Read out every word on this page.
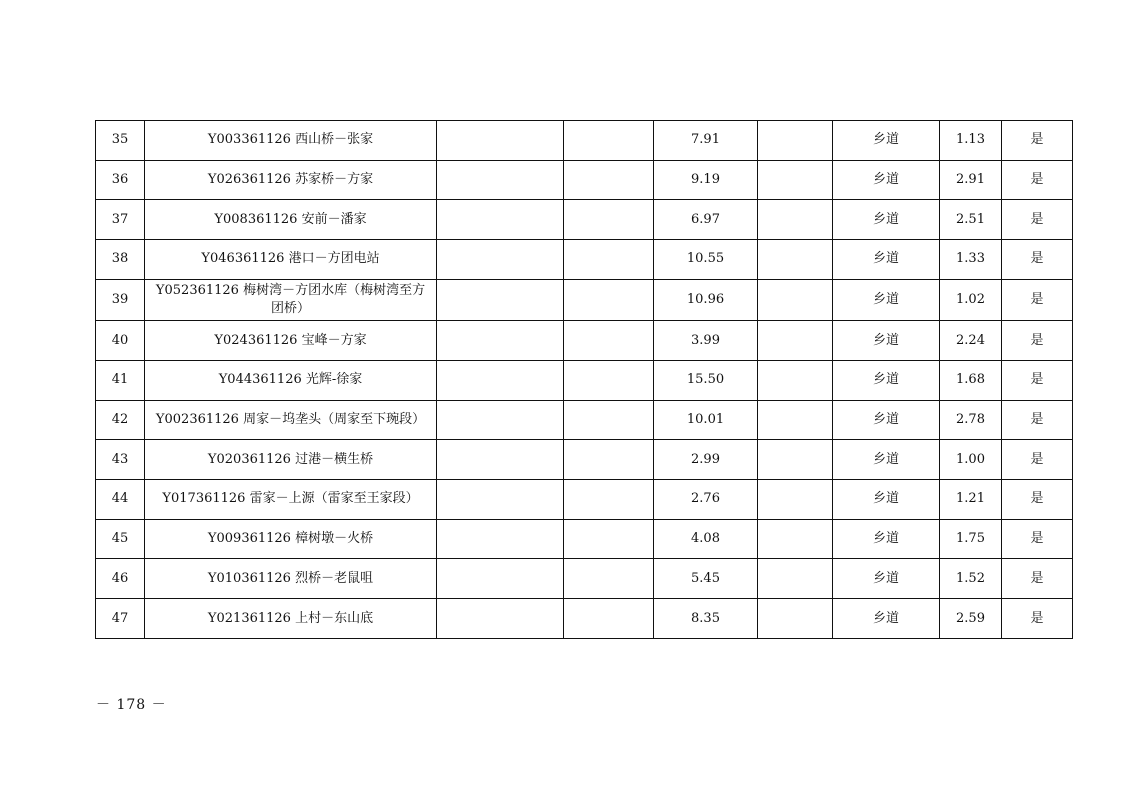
35	Y003361126 西山桥－张家			7.91		乡道	1.13	是
36	Y026361126 苏家桥－方家			9.19		乡道	2.91	是
37	Y008361126 安前－潘家			6.97		乡道	2.51	是
38	Y046361126 港口－方团电站			10.55		乡道	1.33	是
39	Y052361126 梅树湾－方团水库（梅树湾至方团桥）			10.96		乡道	1.02	是
40	Y024361126 宝峰－方家			3.99		乡道	2.24	是
41	Y044361126 光辉-徐家			15.50		乡道	1.68	是
42	Y002361126 周家－坞垄头（周家至下琬段）			10.01		乡道	2.78	是
43	Y020361126 过港－横生桥			2.99		乡道	1.00	是
44	Y017361126 雷家－上源（雷家至王家段）			2.76		乡道	1.21	是
45	Y009361126 樟树墩－火桥			4.08		乡道	1.75	是
46	Y010361126 烈桥－老鼠咀			5.45		乡道	1.52	是
47	Y021361126 上村－东山底			8.35		乡道	2.59	是
－ 178 －
